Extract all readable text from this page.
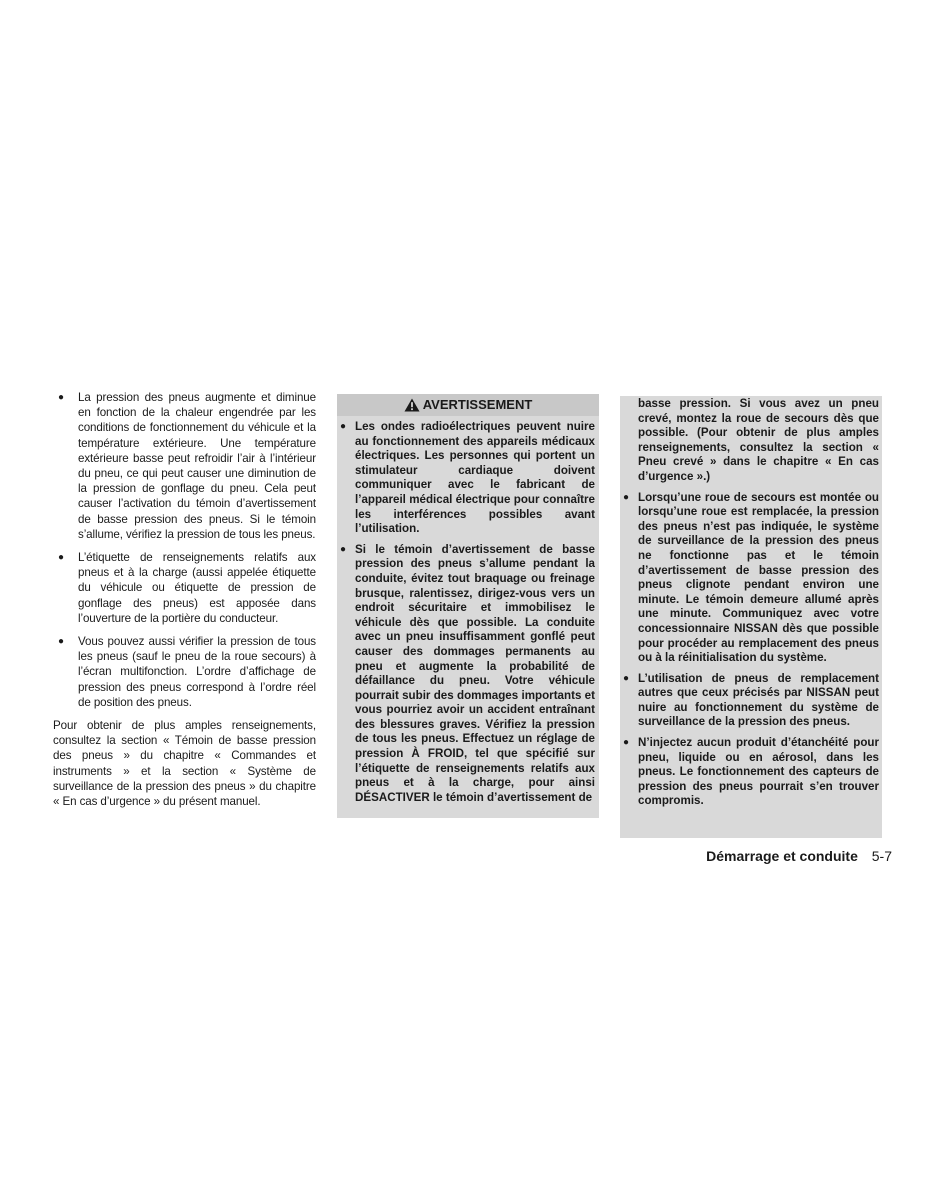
● La pression des pneus augmente et diminue en fonction de la chaleur engendrée par les conditions de fonctionnement du véhicule et la température extérieure. Une température extérieure basse peut refroidir l’air à l’intérieur du pneu, ce qui peut causer une diminution de la pression de gonflage du pneu. Cela peut causer l’activation du témoin d’avertissement de basse pression des pneus. Si le témoin s’allume, vérifiez la pression de tous les pneus.
● L’étiquette de renseignements relatifs aux pneus et à la charge (aussi appelée étiquette du véhicule ou étiquette de pression de gonflage des pneus) est apposée dans l’ouverture de la portière du conducteur.
● Vous pouvez aussi vérifier la pression de tous les pneus (sauf le pneu de la roue secours) à l’écran multifonction. L’ordre d’affichage de pression des pneus correspond à l’ordre réel de position des pneus.

Pour obtenir de plus amples renseignements, consultez la section « Témoin de basse pression des pneus » du chapitre « Commandes et instruments » et la section « Système de surveillance de la pression des pneus » du chapitre « En cas d’urgence » du présent manuel.

AVERTISSEMENT
● Les ondes radioélectriques peuvent nuire au fonctionnement des appareils médicaux électriques. Les personnes qui portent un stimulateur cardiaque doivent communiquer avec le fabricant de l’appareil médical électrique pour connaître les interférences possibles avant l’utilisation.
● Si le témoin d’avertissement de basse pression des pneus s’allume pendant la conduite, évitez tout braquage ou freinage brusque, ralentissez, dirigez-vous vers un endroit sécuritaire et immobilisez le véhicule dès que possible. La conduite avec un pneu insuffisamment gonflé peut causer des dommages permanents au pneu et augmente la probabilité de défaillance du pneu. Votre véhicule pourrait subir des dommages importants et vous pourriez avoir un accident entraînant des blessures graves. Vérifiez la pression de tous les pneus. Effectuez un réglage de pression À FROID, tel que spécifié sur l’étiquette de renseignements relatifs aux pneus et à la charge, pour ainsi DÉSACTIVER le témoin d’avertissement de

basse pression. Si vous avez un pneu crevé, montez la roue de secours dès que possible. (Pour obtenir de plus amples renseignements, consultez la section « Pneu crevé » dans le chapitre « En cas d’urgence ».)

● Lorsqu’une roue de secours est montée ou lorsqu’une roue est remplacée, la pression des pneus n’est pas indiquée, le système de surveillance de la pression des pneus ne fonctionne pas et le témoin d’avertissement de basse pression des pneus clignote pendant environ une minute. Le témoin demeure allumé après une minute. Communiquez avec votre concessionnaire NISSAN dès que possible pour procéder au remplacement des pneus ou à la réinitialisation du système.
● L’utilisation de pneus de remplacement autres que ceux précisés par NISSAN peut nuire au fonctionnement du système de surveillance de la pression des pneus.
● N’injectez aucun produit d’étanchéité pour pneu, liquide ou en aérosol, dans les pneus. Le fonctionnement des capteurs de pression des pneus pourrait s’en trouver compromis.
Démarrage et conduite 5-7
